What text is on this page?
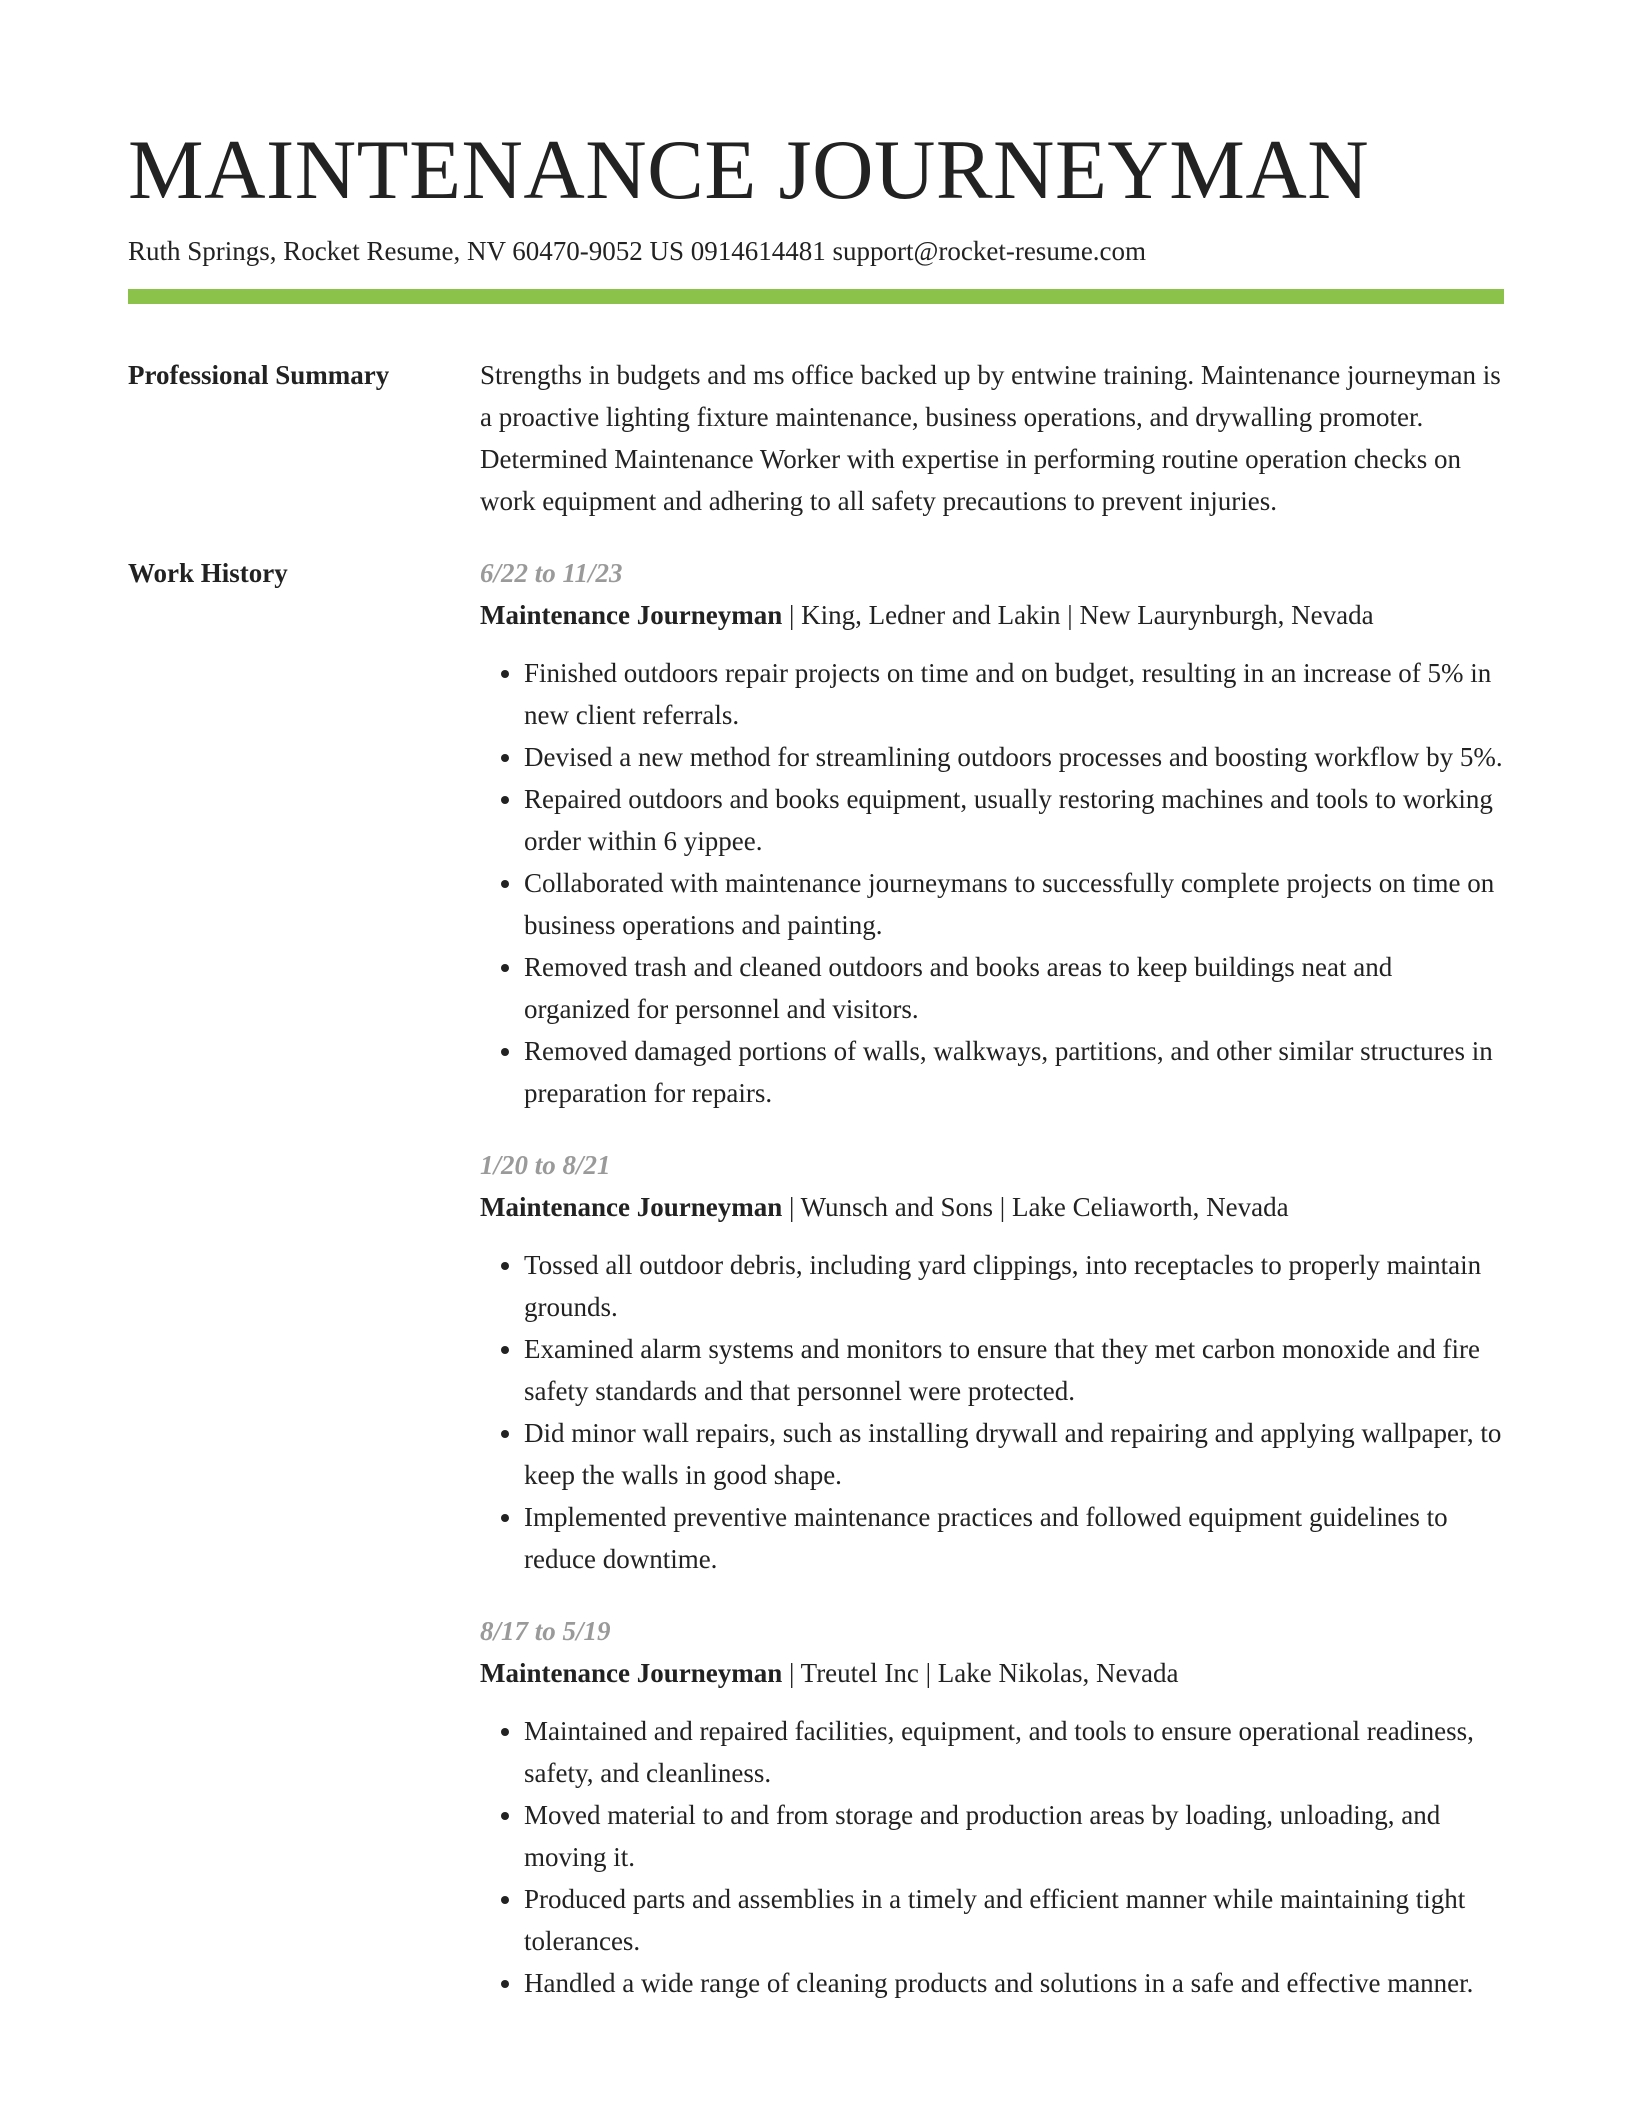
MAINTENANCE JOURNEYMAN
Ruth Springs, Rocket Resume, NV 60470-9052 US 0914614481 support@rocket-resume.com
Professional Summary	Strengths in budgets and ms office backed up by entwine training. Maintenance journeyman is a proactive lighting fixture maintenance, business operations, and drywalling promoter. Determined Maintenance Worker with expertise in performing routine operation checks on work equipment and adhering to all safety precautions to prevent injuries.

Work History	6/22 to 11/23
Maintenance Journeyman | King, Ledner and Lakin | New Laurynburgh, Nevada
• Finished outdoors repair projects on time and on budget, resulting in an increase of 5% in new client referrals.
• Devised a new method for streamlining outdoors processes and boosting workflow by 5%.
• Repaired outdoors and books equipment, usually restoring machines and tools to working order within 6 yippee.
• Collaborated with maintenance journeymans to successfully complete projects on time on business operations and painting.
• Removed trash and cleaned outdoors and books areas to keep buildings neat and organized for personnel and visitors.
• Removed damaged portions of walls, walkways, partitions, and other similar structures in preparation for repairs.
1/20 to 8/21
Maintenance Journeyman | Wunsch and Sons | Lake Celiaworth, Nevada
• Tossed all outdoor debris, including yard clippings, into receptacles to properly maintain grounds.
• Examined alarm systems and monitors to ensure that they met carbon monoxide and fire safety standards and that personnel were protected.
• Did minor wall repairs, such as installing drywall and repairing and applying wallpaper, to keep the walls in good shape.
• Implemented preventive maintenance practices and followed equipment guidelines to reduce downtime.
8/17 to 5/19
Maintenance Journeyman | Treutel Inc | Lake Nikolas, Nevada
• Maintained and repaired facilities, equipment, and tools to ensure operational readiness, safety, and cleanliness.
• Moved material to and from storage and production areas by loading, unloading, and moving it.
• Produced parts and assemblies in a timely and efficient manner while maintaining tight tolerances.
• Handled a wide range of cleaning products and solutions in a safe and effective manner.
